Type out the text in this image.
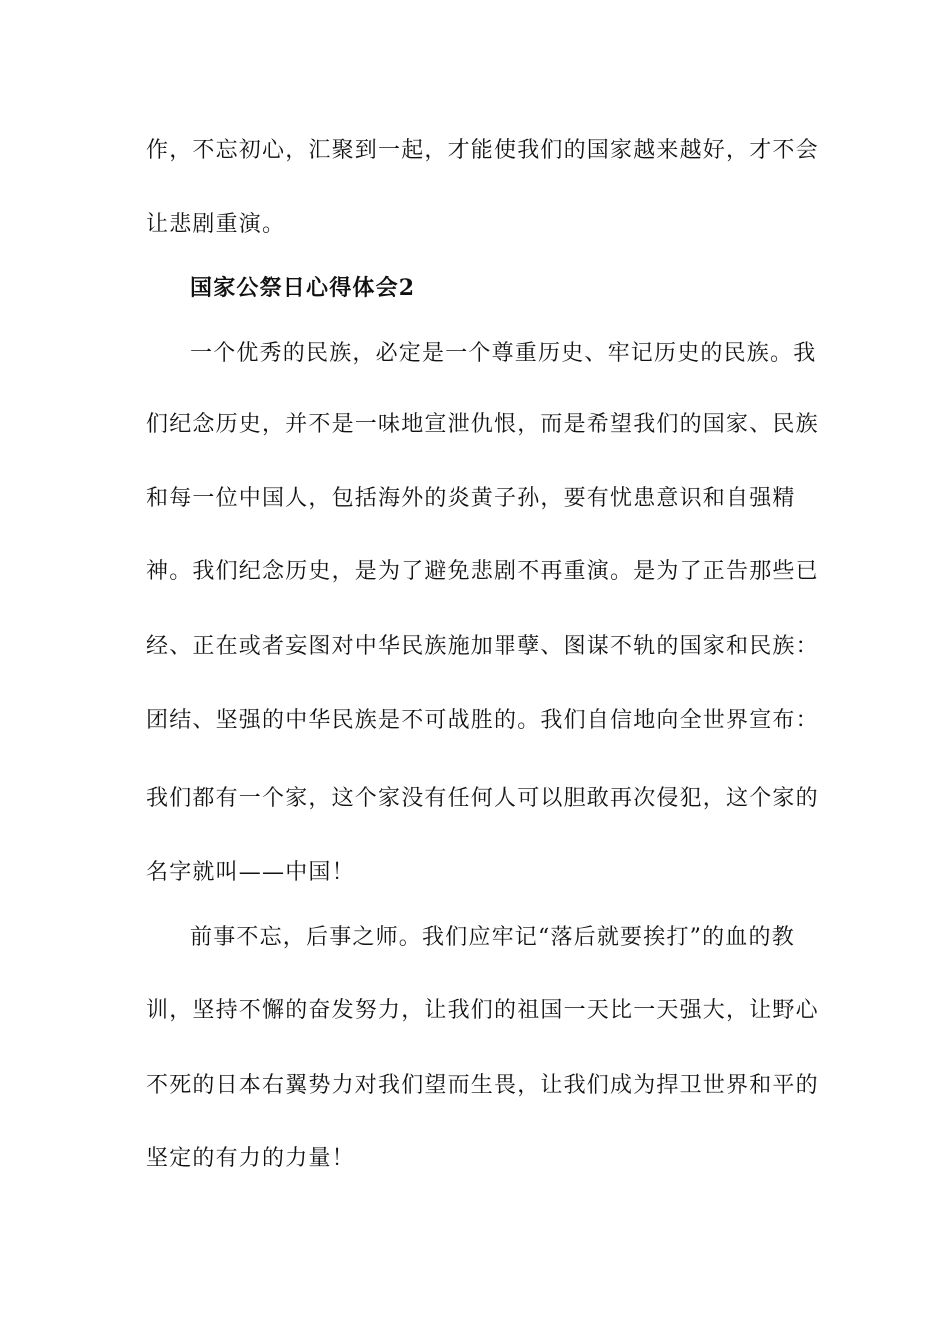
作，不忘初心，汇聚到一起，才能使我们的国家越来越好，才不会
让悲剧重演。
国家公祭日心得体会2
一个优秀的民族，必定是一个尊重历史、牢记历史的民族。我
们纪念历史，并不是一味地宣泄仇恨，而是希望我们的国家、民族
和每一位中国人，包括海外的炎黄子孙，要有忧患意识和自强精
神。我们纪念历史，是为了避免悲剧不再重演。是为了正告那些已
经、正在或者妄图对中华民族施加罪孽、图谋不轨的国家和民族：
团结、坚强的中华民族是不可战胜的。我们自信地向全世界宣布：
我们都有一个家，这个家没有任何人可以胆敢再次侵犯，这个家的
名字就叫——中国！
前事不忘，后事之师。我们应牢记“落后就要挨打”的血的教
训，坚持不懈的奋发努力，让我们的祖国一天比一天强大，让野心
不死的日本右翼势力对我们望而生畏，让我们成为捍卫世界和平的
坚定的有力的力量！
